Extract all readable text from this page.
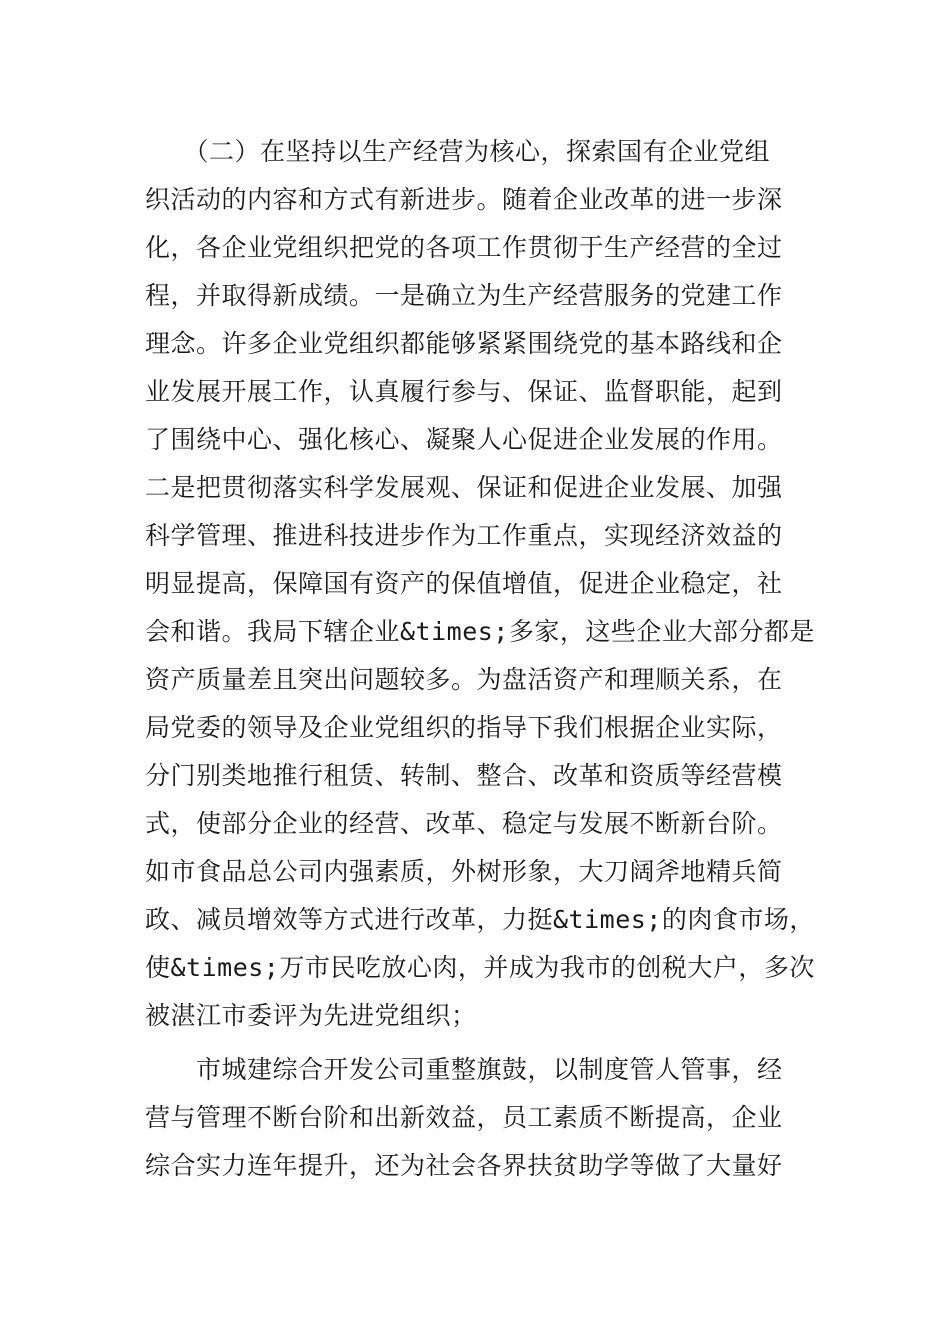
　　（二）在坚持以生产经营为核心，探索国有企业党组
织活动的内容和方式有新进步。随着企业改革的进一步深
化，各企业党组织把党的各项工作贯彻于生产经营的全过
程，并取得新成绩。一是确立为生产经营服务的党建工作
理念。许多企业党组织都能够紧紧围绕党的基本路线和企
业发展开展工作，认真履行参与、保证、监督职能，起到
了围绕中心、强化核心、凝聚人心促进企业发展的作用。
二是把贯彻落实科学发展观、保证和促进企业发展、加强
科学管理、推进科技进步作为工作重点，实现经济效益的
明显提高，保障国有资产的保值增值，促进企业稳定，社
会和谐。我局下辖企业&times;多家，这些企业大部分都是
资产质量差且突出问题较多。为盘活资产和理顺关系，在
局党委的领导及企业党组织的指导下我们根据企业实际，
分门别类地推行租赁、转制、整合、改革和资质等经营模
式，使部分企业的经营、改革、稳定与发展不断新台阶。
如市食品总公司内强素质，外树形象，大刀阔斧地精兵简
政、减员增效等方式进行改革，力挺&times;的肉食市场，
使&times;万市民吃放心肉，并成为我市的创税大户，多次
被湛江市委评为先进党组织；
　　市城建综合开发公司重整旗鼓，以制度管人管事，经
营与管理不断台阶和出新效益，员工素质不断提高，企业
综合实力连年提升，还为社会各界扶贫助学等做了大量好
